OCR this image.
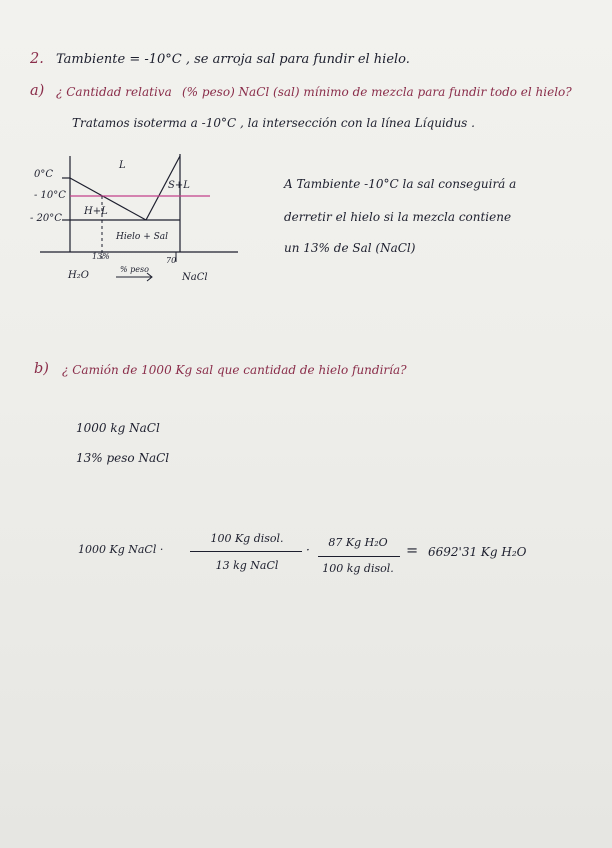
2. Tambiente = -10°C , se arroja sal para fundir el hielo.
a) ¿ Cantidad relativa (% peso) NaCl (sal) mínimo de mezcla para fundir todo el hielo?
Tratamos isoterma a -10°C , la intersección con la línea Líquidus .
0°C
- 10°C
- 20°C
L
S+L
H+L
Hielo + Sal
13%	70
H₂O
% peso
NaCl
A Tambiente -10°C la sal conseguirá a
derretir el hielo si la mezcla contiene
un 13% de Sal (NaCl)
b) ¿ Camión de 1000 Kg sal que cantidad de hielo fundiría?
1000 kg NaCl
13% peso NaCl
1000 Kg NaCl ·
100 Kg disol.
13 kg NaCl
·
87 Kg H₂O
100 kg disol.
= 6692'31 Kg H₂O
